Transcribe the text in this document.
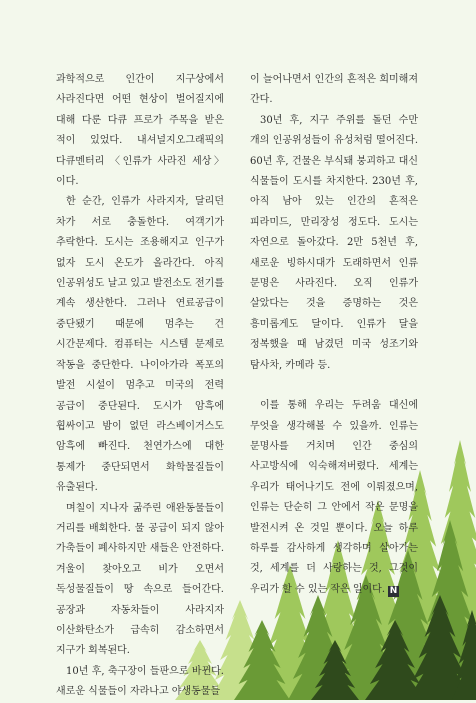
과학적으로 인간이 지구상에서 사라진다면 어떤 현상이 벌어질지에 대해 다룬 다큐 프로가 주목을 받은 적이 있었다. 내셔널지오그래픽의 다큐멘터리 〈인류가 사라진 세상〉이다.

한 순간, 인류가 사라지자, 달리던 차가 서로 충돌한다. 여객기가 추락한다. 도시는 조용해지고 인구가 없자 도시 온도가 올라간다. 아직 인공위성도 날고 있고 발전소도 전기를 계속 생산한다. 그러나 연료공급이 중단됐기 때문에 멈추는 건 시간문제다. 컴퓨터는 시스템 문제로 작동을 중단한다. 나이아가라 폭포의 발전 시설이 멈추고 미국의 전력 공급이 중단된다. 도시가 암흑에 휩싸이고 밤이 없던 라스베이거스도 암흑에 빠진다. 천연가스에 대한 통제가 중단되면서 화학물질들이 유출된다.

며칠이 지나자 굶주린 애완동물들이 거리를 배회한다. 물 공급이 되지 않아 가축들이 폐사하지만 새들은 안전하다. 겨울이 찾아오고 비가 오면서 독성물질들이 땅 속으로 들어간다. 공장과 자동차들이 사라지자 이산화탄소가 급속히 감소하면서 지구가 회복된다.

10년 후, 축구장이 들판으로 바뀐다. 새로운 식물들이 자라나고 야생동물들

이 늘어나면서 인간의 흔적은 희미해져 간다.

30년 후, 지구 주위를 돌던 수만 개의 인공위성들이 유성처럼 떨어진다. 60년 후, 건물은 부식돼 붕괴하고 대신 식물들이 도시를 차지한다. 230년 후, 아직 남아 있는 인간의 흔적은 피라미드, 만리장성 정도다. 도시는 자연으로 돌아갔다. 2만 5천년 후, 새로운 빙하시대가 도래하면서 인류 문명은 사라진다. 오직 인류가 살았다는 것을 증명하는 것은 흥미롭게도 달이다. 인류가 달을 정복했을 때 남겼던 미국 성조기와 탐사차, 카메라 등.

이를 통해 우리는 두려움 대신에 무엇을 생각해볼 수 있을까. 인류는 문명사를 거치며 인간 중심의 사고방식에 익숙해져버렸다. 세계는 우리가 태어나기도 전에 이뤄졌으며, 인류는 단순히 그 안에서 작은 문명을 발전시켜 온 것일 뿐이다. 오늘 하루 하루를 감사하게 생각하며 살아가는 것, 세계를 더 사랑하는 것, 그것이 우리가 할 수 있는 작은 일이다. N
